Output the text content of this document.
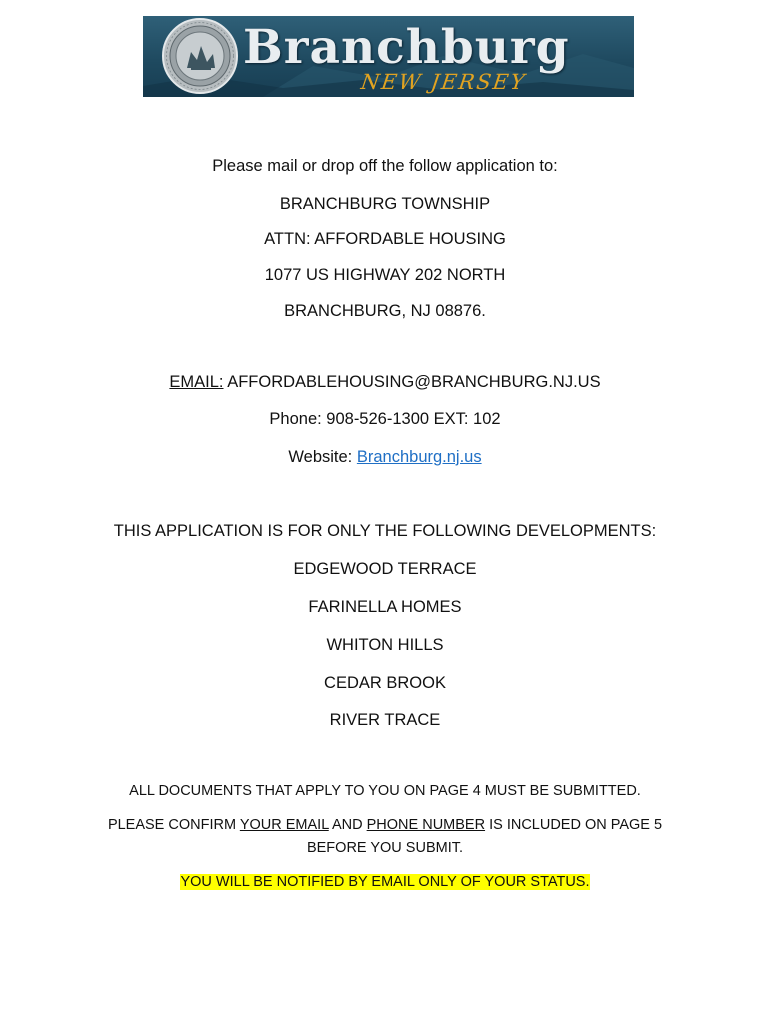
Branchburg
NEW JERSEY
Please mail or drop off the follow application to:
BRANCHBURG TOWNSHIP
ATTN: AFFORDABLE HOUSING
1077 US HIGHWAY 202 NORTH
BRANCHBURG, NJ 08876.
EMAIL: AFFORDABLEHOUSING@BRANCHBURG.NJ.US
Phone: 908-526-1300 EXT: 102
Website: Branchburg.nj.us
THIS APPLICATION IS FOR ONLY THE FOLLOWING DEVELOPMENTS:
EDGEWOOD TERRACE
FARINELLA HOMES
WHITON HILLS
CEDAR BROOK
RIVER TRACE
ALL DOCUMENTS THAT APPLY TO YOU ON PAGE 4 MUST BE SUBMITTED.
PLEASE CONFIRM YOUR EMAIL AND PHONE NUMBER IS INCLUDED ON PAGE 5
BEFORE YOU SUBMIT.
YOU WILL BE NOTIFIED BY EMAIL ONLY OF YOUR STATUS.
